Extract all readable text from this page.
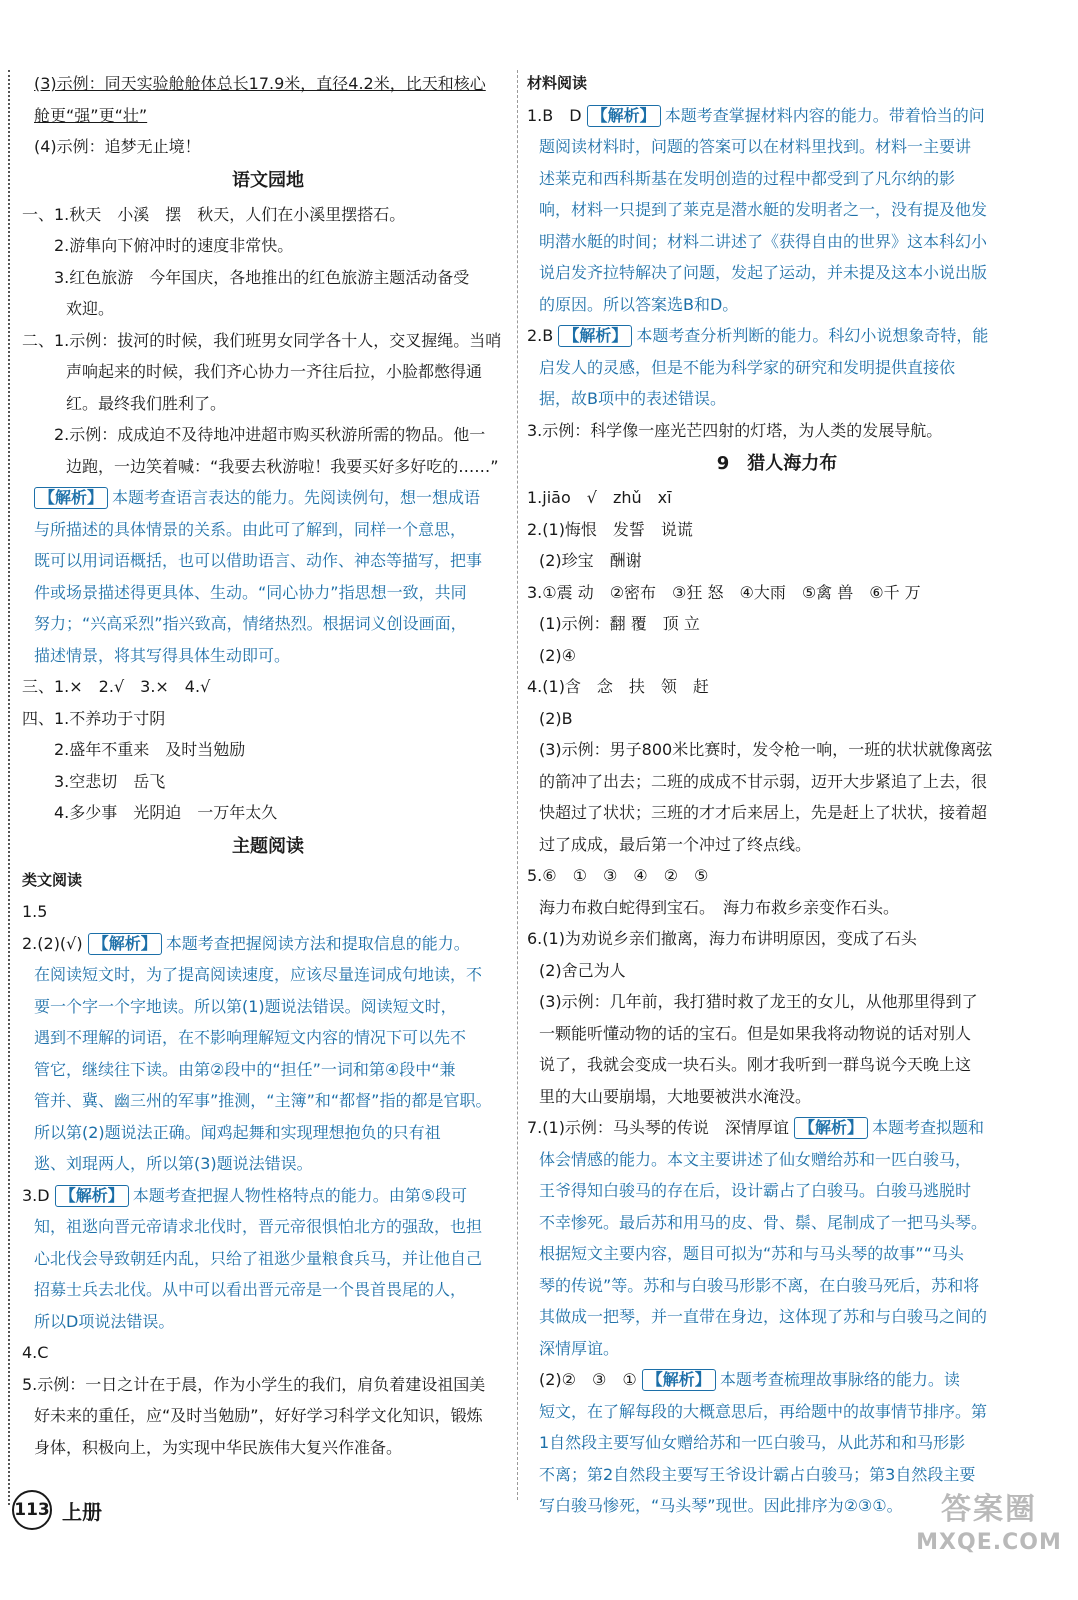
(3)示例：同天实验舱舱体总长17.9米，直径4.2米，比天和核心
舱更“强”更“壮”
(4)示例：追梦无止境！
语文园地
一、1.秋天　小溪　摆　秋天，人们在小溪里摆搭石。
2.游隼向下俯冲时的速度非常快。
3.红色旅游　今年国庆，各地推出的红色旅游主题活动备受
欢迎。
二、1.示例：拔河的时候，我们班男女同学各十人，交叉握绳。当哨
声响起来的时候，我们齐心协力一齐往后拉，小脸都憋得通
红。最终我们胜利了。
2.示例：成成迫不及待地冲进超市购买秋游所需的物品。他一
边跑，一边笑着喊：“我要去秋游啦！我要买好多好吃的……”
【解析】 本题考查语言表达的能力。先阅读例句，想一想成语
与所描述的具体情景的关系。由此可了解到，同样一个意思，
既可以用词语概括，也可以借助语言、动作、神态等描写，把事
件或场景描述得更具体、生动。“同心协力”指思想一致，共同
努力；“兴高采烈”指兴致高，情绪热烈。根据词义创设画面，
描述情景，将其写得具体生动即可。
三、1.×　2.√　3.×　4.√
四、1.不养功于寸阴
2.盛年不重来　及时当勉励
3.空悲切　岳飞
4.多少事　光阴迫　一万年太久
主题阅读
类文阅读
1.5
2.(2)(√) 【解析】 本题考查把握阅读方法和提取信息的能力。
在阅读短文时，为了提高阅读速度，应该尽量连词成句地读，不
要一个字一个字地读。所以第(1)题说法错误。阅读短文时，
遇到不理解的词语，在不影响理解短文内容的情况下可以先不
管它，继续往下读。由第②段中的“担任”一词和第④段中“兼
管并、冀、幽三州的军事”推测，“主簿”和“都督”指的都是官职。
所以第(2)题说法正确。闻鸡起舞和实现理想抱负的只有祖
逖、刘琨两人，所以第(3)题说法错误。
3.D 【解析】 本题考查把握人物性格特点的能力。由第⑤段可
知，祖逖向晋元帝请求北伐时，晋元帝很惧怕北方的强敌，也担
心北伐会导致朝廷内乱，只给了祖逖少量粮食兵马，并让他自己
招募士兵去北伐。从中可以看出晋元帝是一个畏首畏尾的人，
所以D项说法错误。
4.C
5.示例：一日之计在于晨，作为小学生的我们，肩负着建设祖国美
好未来的重任，应“及时当勉励”，好好学习科学文化知识，锻炼
身体，积极向上，为实现中华民族伟大复兴作准备。
材料阅读
1.B　D 【解析】 本题考查掌握材料内容的能力。带着恰当的问
题阅读材料时，问题的答案可以在材料里找到。材料一主要讲
述莱克和西科斯基在发明创造的过程中都受到了凡尔纳的影
响，材料一只提到了莱克是潜水艇的发明者之一，没有提及他发
明潜水艇的时间；材料二讲述了《获得自由的世界》这本科幻小
说启发齐拉特解决了问题，发起了运动，并未提及这本小说出版
的原因。所以答案选B和D。
2.B 【解析】 本题考查分析判断的能力。科幻小说想象奇特，能
启发人的灵感，但是不能为科学家的研究和发明提供直接依
据，故B项中的表述错误。
3.示例：科学像一座光芒四射的灯塔，为人类的发展导航。
9　猎人海力布
1.jiāo　√　zhǔ　xī
2.(1)悔恨　发誓　说谎
(2)珍宝　酬谢
3.①震 动　②密布　③狂 怒　④大雨　⑤禽 兽　⑥千 万
(1)示例：翻 覆　顶 立
(2)④
4.(1)含　念　扶　领　赶
(2)B
(3)示例：男子800米比赛时，发令枪一响，一班的状状就像离弦
的箭冲了出去；二班的成成不甘示弱，迈开大步紧追了上去，很
快超过了状状；三班的才才后来居上，先是赶上了状状，接着超
过了成成，最后第一个冲过了终点线。
5.⑥　①　③　④　②　⑤
海力布救白蛇得到宝石。　海力布救乡亲变作石头。
6.(1)为劝说乡亲们撤离，海力布讲明原因，变成了石头
(2)舍己为人
(3)示例：几年前，我打猎时救了龙王的女儿，从他那里得到了
一颗能听懂动物的话的宝石。但是如果我将动物说的话对别人
说了，我就会变成一块石头。刚才我听到一群鸟说今天晚上这
里的大山要崩塌，大地要被洪水淹没。
7.(1)示例：马头琴的传说　深情厚谊 【解析】 本题考查拟题和
体会情感的能力。本文主要讲述了仙女赠给苏和一匹白骏马，
王爷得知白骏马的存在后，设计霸占了白骏马。白骏马逃脱时
不幸惨死。最后苏和用马的皮、骨、鬃、尾制成了一把马头琴。
根据短文主要内容，题目可拟为“苏和与马头琴的故事”“马头
琴的传说”等。苏和与白骏马形影不离，在白骏马死后，苏和将
其做成一把琴，并一直带在身边，这体现了苏和与白骏马之间的
深情厚谊。
(2)②　③　① 【解析】 本题考查梳理故事脉络的能力。读
短文，在了解每段的大概意思后，再给题中的故事情节排序。第
1自然段主要写仙女赠给苏和一匹白骏马，从此苏和和马形影
不离；第2自然段主要写王爷设计霸占白骏马；第3自然段主要
写白骏马惨死，“马头琴”现世。因此排序为②③①。
113 上册	答案圈
MXQE.COM
